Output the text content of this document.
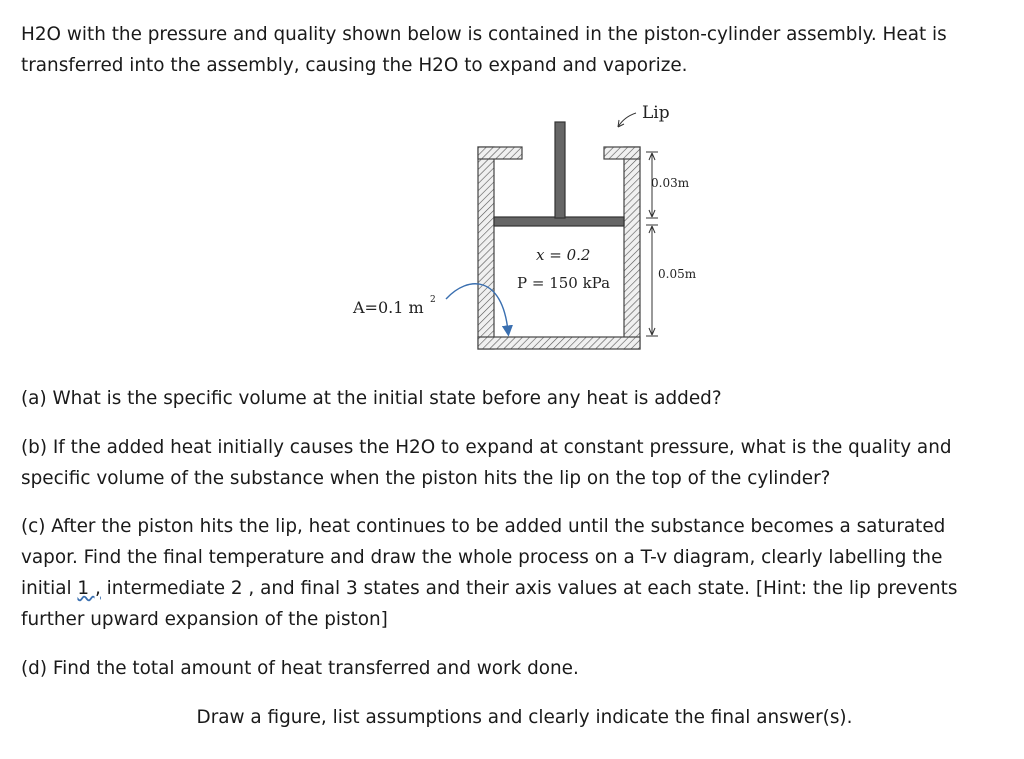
H2O with the pressure and quality shown below is contained in the piston-cylinder assembly. Heat is transferred into the assembly, causing the H2O to expand and vaporize.

Lip
0.03m
0.05m
x = 0.2
P = 150 kPa
A=0.1 m 2

(a) What is the specific volume at the initial state before any heat is added?

(b) If the added heat initially causes the H2O to expand at constant pressure, what is the quality and specific volume of the substance when the piston hits the lip on the top of the cylinder?

(c) After the piston hits the lip, heat continues to be added until the substance becomes a saturated vapor. Find the final temperature and draw the whole process on a T-v diagram, clearly labelling the initial 1 , intermediate 2 , and final 3 states and their axis values at each state. [Hint: the lip prevents further upward expansion of the piston]

(d) Find the total amount of heat transferred and work done.

Draw a figure, list assumptions and clearly indicate the final answer(s).
